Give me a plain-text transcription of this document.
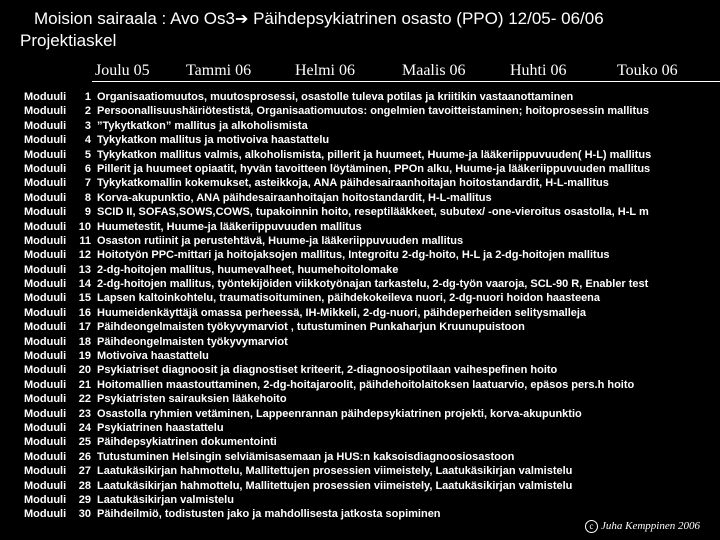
Moision sairaala : Avo Os3➔ Päihdepsykiatrinen osasto (PPO) 12/05- 06/06
Projektiaskel
Joulu 05 Tammi 06	Helmi 06	Maalis 06	Huhti 06	Touko 06
Moduuli	1 Organisaatiomuutos, muutosprosessi, osastolle tuleva potilas ja kriitikin vastaanottaminen
Moduuli	2 Persoonallisuushäiriötestistä, Organisaatiomuutos: ongelmien tavoitteistaminen; hoitoprosessin mallitus
Moduuli	3 ”Tykytkatkon” mallitus ja alkoholismista
Moduuli	4 Tykykatkon mallitus ja motivoiva haastattelu
Moduuli	5 Tykykatkon mallitus valmis, alkoholismista, pillerit ja huumeet, Huume-ja lääkeriippuvuuden( H-L) mallitus
Moduuli	6 Pillerit ja huumeet opiaatit, hyvän tavoitteen löytäminen, PPOn alku, Huume-ja lääkeriippuvuuden mallitus
Moduuli	7 Tykykatkomallin kokemukset, asteikkoja, ANA päihdesairaanhoitajan hoitostandardit, H-L-mallitus
Moduuli	8 Korva-akupunktio, ANA päihdesairaanhoitajan hoitostandardit, H-L-mallitus
Moduuli	9 SCID II, SOFAS,SOWS,COWS, tupakoinnin hoito, reseptilääkkeet, subutex/ -one-vieroitus osastolla, H-L m
Moduuli	10 Huumetestit, Huume-ja lääkeriippuvuuden mallitus
Moduuli	11 Osaston rutiinit ja perustehtävä, Huume-ja lääkeriippuvuuden mallitus
Moduuli	12 Hoitotyön PPC-mittari ja hoitojaksojen mallitus, Integroitu 2-dg-hoito, H-L ja 2-dg-hoitojen mallitus
Moduuli	13 2-dg-hoitojen mallitus, huumevalheet, huumehoitolomake
Moduuli	14 2-dg-hoitojen mallitus, työntekijöiden viikkotyönajan tarkastelu, 2-dg-työn vaaroja, SCL-90 R, Enabler test
Moduuli	15 Lapsen kaltoinkohtelu, traumatisoituminen, päihdekokeileva nuori, 2-dg-nuori hoidon haasteena
Moduuli	16 Huumeidenkäyttäjä omassa perheessä, IH-Mikkeli, 2-dg-nuori, päihdeperheiden selitysmalleja
Moduuli	17 Päihdeongelmaisten työkyvymarviot , tutustuminen Punkaharjun Kruunupuistoon
Moduuli	18 Päihdeongelmaisten työkyvymarviot
Moduuli	19 Motivoiva haastattelu
Moduuli	20 Psykiatriset diagnoosit ja diagnostiset kriteerit, 2-diagnoosipotilaan vaihespefinen hoito
Moduuli	21 Hoitomallien maastouttaminen, 2-dg-hoitajaroolit, päihdehoitolaitoksen laatuarvio, epäsos pers.h hoito
Moduuli	22 Psykiatristen sairauksien lääkehoito
Moduuli	23 Osastolla ryhmien vetäminen, Lappeenrannan päihdepsykiatrinen projekti, korva-akupunktio
Moduuli	24 Psykiatrinen haastattelu
Moduuli	25 Päihdepsykiatrinen dokumentointi
Moduuli	26 Tutustuminen Helsingin selviämisasemaan ja HUS:n kaksoisdiagnoosiosastoon
Moduuli	27 Laatukäsikirjan hahmottelu, Mallitettujen prosessien viimeistely, Laatukäsikirjan valmistelu
Moduuli	28 Laatukäsikirjan hahmottelu, Mallitettujen prosessien viimeistely, Laatukäsikirjan valmistelu
Moduuli	29 Laatukäsikirjan valmistelu
Moduuli	30 Päihdeilmiö, todistusten jako ja mahdollisesta jatkosta sopiminen
c Juha Kemppinen 2006
